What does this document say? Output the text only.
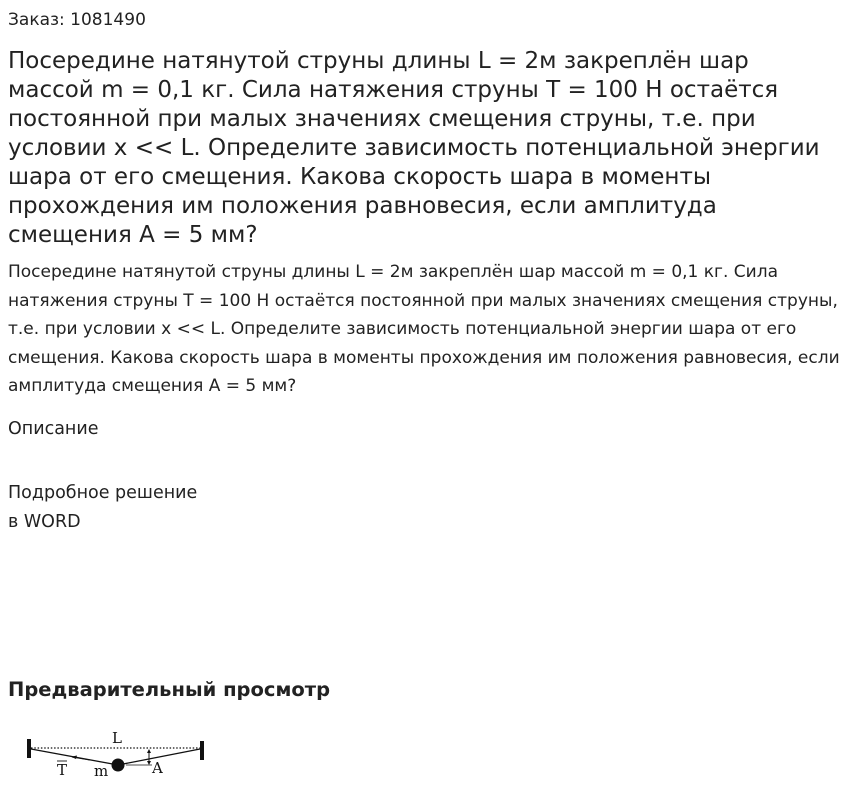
Заказ: 1081490
Посередине натянутой струны длины L = 2м закреплён шар массой m = 0,1 кг. Сила натяжения струны T = 100 Н остаётся постоянной при малых значениях смещения струны, т.е. при условии x << L. Определите зависимость потенциальной энергии шара от его смещения. Какова скорость шара в моменты прохождения им положения равновесия, если амплитуда смещения A = 5 мм?
Посередине натянутой струны длины L = 2м закреплён шар массой m = 0,1 кг. Сила натяжения струны T = 100 Н остаётся постоянной при малых значениях смещения струны, т.е. при условии x << L. Определите зависимость потенциальной энергии шара от его смещения. Какова скорость шара в моменты прохождения им положения равновесия, если амплитуда смещения A = 5 мм?
Описание
Подробное решение
в WORD
Предварительный просмотр
L
T m	A
